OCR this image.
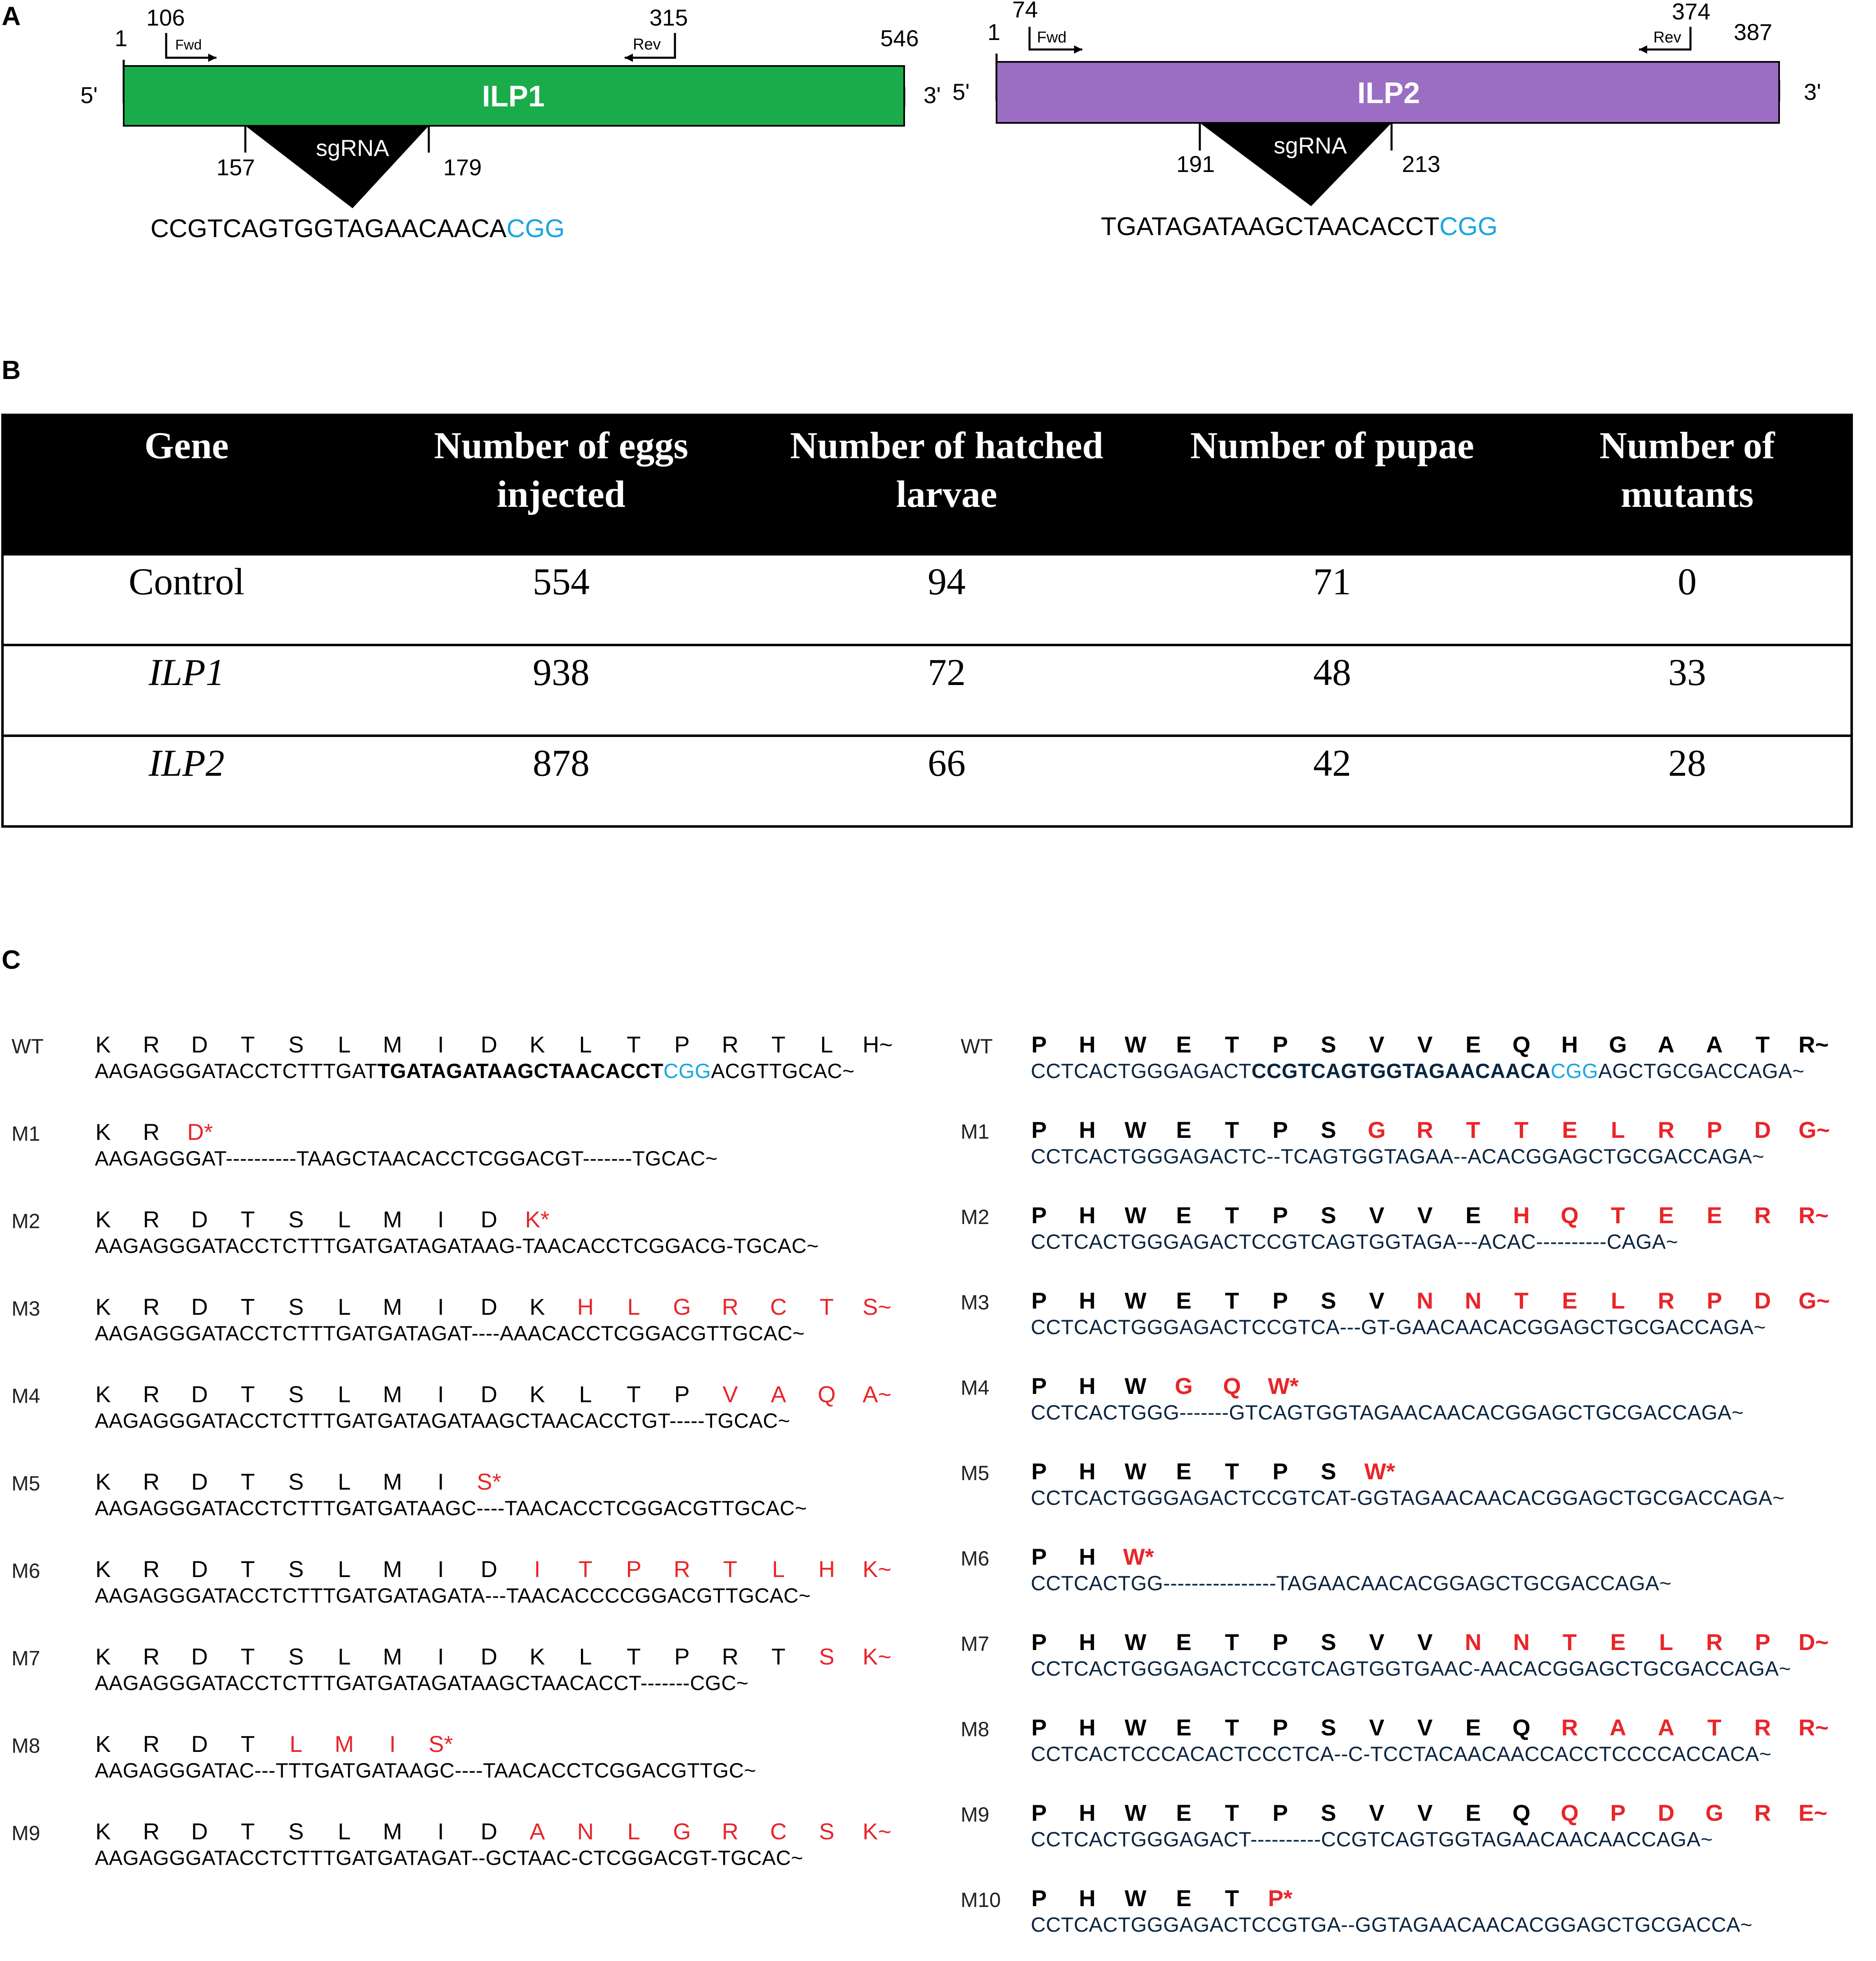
A
B
C
106	315
1	546
Fwd	Rev
5'	3'
ILP1
sgRNA
157	179
CCGTCAGTGGTAGAACAACACGG
74	374
1	387
Fwd	Rev
5'	3'
ILP2
sgRNA
191	213
TGATAGATAAGCTAACACCTCGG
Gene	Number of eggs injected	Number of hatched larvae	Number of pupae	Number of mutants
Control	554	94	71	0
ILP1	938	72	48	33
ILP2	878	66	42	28
WT K R D T S L M	I	D K L T P R T L H~
AAGAGGGATACCTCTTTGATTGATAGATAAGCTAACACCTCGGACGTTGCAC~
M1 K R D*
AAGAGGGAT----------TAAGCTAACACCTCGGACGT-------TGCAC~
M2 K R D T S L M	I	D K*
AAGAGGGATACCTCTTTGATGATAGATAAG-TAACACCTCGGACG-TGCAC~
M3 K R D T S L M	I	D K H L G R C T S~
AAGAGGGATACCTCTTTGATGATAGAT----AAACACCTCGGACGTTGCAC~
M4 K R D T S L M	I	D K L T P V A Q A~
AAGAGGGATACCTCTTTGATGATAGATAAGCTAACACCTGT-----TGCAC~
M5 K R D T S L M	I	S*
AAGAGGGATACCTCTTTGATGATAAGC----TAACACCTCGGACGTTGCAC~
M6 K R D T S L M	I	D	I	T P R T L H K~
AAGAGGGATACCTCTTTGATGATAGATA---TAACACCCCGGACGTTGCAC~
M7 K R D T S L M	I	D K L T P R T S K~
AAGAGGGATACCTCTTTGATGATAGATAAGCTAACACCT-------CGC~
M8 K R D T L M	I	S*
AAGAGGGATAC---TTTGATGATAAGC----TAACACCTCGGACGTTGC~
M9 K R D T S L M	I	D A N L G R C S K~
AAGAGGGATACCTCTTTGATGATAGAT--GCTAAC-CTCGGACGT-TGCAC~
WT P H W E T P S V V E Q H G A A T R~
CCTCACTGGGAGACTCCGTCAGTGGTAGAACAACACGGAGCTGCGACCAGA~
M1 P H W E T P S G R T T E L R P D G~
CCTCACTGGGAGACTC--TCAGTGGTAGAA--ACACGGAGCTGCGACCAGA~
M2 P H W E T P S V V E H Q T E E R R~
CCTCACTGGGAGACTCCGTCAGTGGTAGA---ACAC----------CAGA~
M3 P H W E T P S V N N T E L R P D G~
CCTCACTGGGAGACTCCGTCA---GT-GAACAACACGGAGCTGCGACCAGA~
M4 P H W G Q W*
CCTCACTGGG-------GTCAGTGGTAGAACAACACGGAGCTGCGACCAGA~
M5 P H W E T P S W*
CCTCACTGGGAGACTCCGTCAT-GGTAGAACAACACGGAGCTGCGACCAGA~
M6 P H W*
CCTCACTGG----------------TAGAACAACACGGAGCTGCGACCAGA~
M7 P H W E T P S V V N N T E L R P D~
CCTCACTGGGAGACTCCGTCAGTGGTGAAC-AACACGGAGCTGCGACCAGA~
M8 P H W E T P S V V E Q R A A T R R~
CCTCACTCCCACACTCCCTCA--C-TCCTACAACAACCACCTCCCCACCACA~
M9 P H W E T P S V V E Q Q P D G R E~
CCTCACTGGGAGACT----------CCGTCAGTGGTAGAACAACAACCAGA~
M10 P H W E T P*
CCTCACTGGGAGACTCCGTGA--GGTAGAACAACACGGAGCTGCGACCA~
